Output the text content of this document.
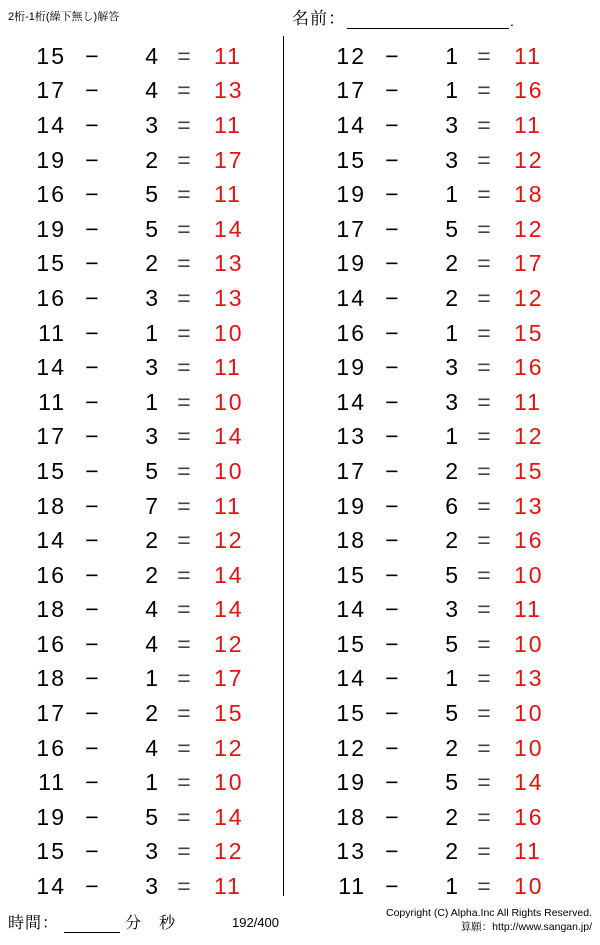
2桁-1桁(繰下無し)解答	名前 ：	.
15 −	4 =	11
17 −	4 =	13
14 −	3 =	11
19 −	2 =	17
16 −	5 =	11
19 −	5 =	14
15 −	2 =	13
16 −	3 =	13
11 −	1 =	10
14 −	3 =	11
11 −	1 =	10
17 −	3 =	14
15 −	5 =	10
18 −	7 =	11
14 −	2 =	12
16 −	2 =	14
18 −	4 =	14
16 −	4 =	12
18 −	1 =	17
17 −	2 =	15
16 −	4 =	12
11 −	1 =	10
19 −	5 =	14
15 −	3 =	12
14 −	3 =	11
12 −	1 =	11
17 −	1 =	16
14 −	3 =	11
15 −	3 =	12
19 −	1 =	18
17 −	5 =	12
19 −	2 =	17
14 −	2 =	12
16 −	1 =	15
19 −	3 =	16
14 −	3 =	11
13 −	1 =	12
17 −	2 =	15
19 −	6 =	13
18 −	2 =	16
15 −	5 =	10
14 −	3 =	11
15 −	5 =	10
14 −	1 =	13
15 −	5 =	10
12 −	2 =	10
19 −	5 =	14
18 −	2 =	16
13 −	2 =	11
11 −	1 =	10
時間：	分 秒	192/400
Copyright (C) Alpha.Inc All Rights Reserved.
算願：http://www.sangan.jp/
